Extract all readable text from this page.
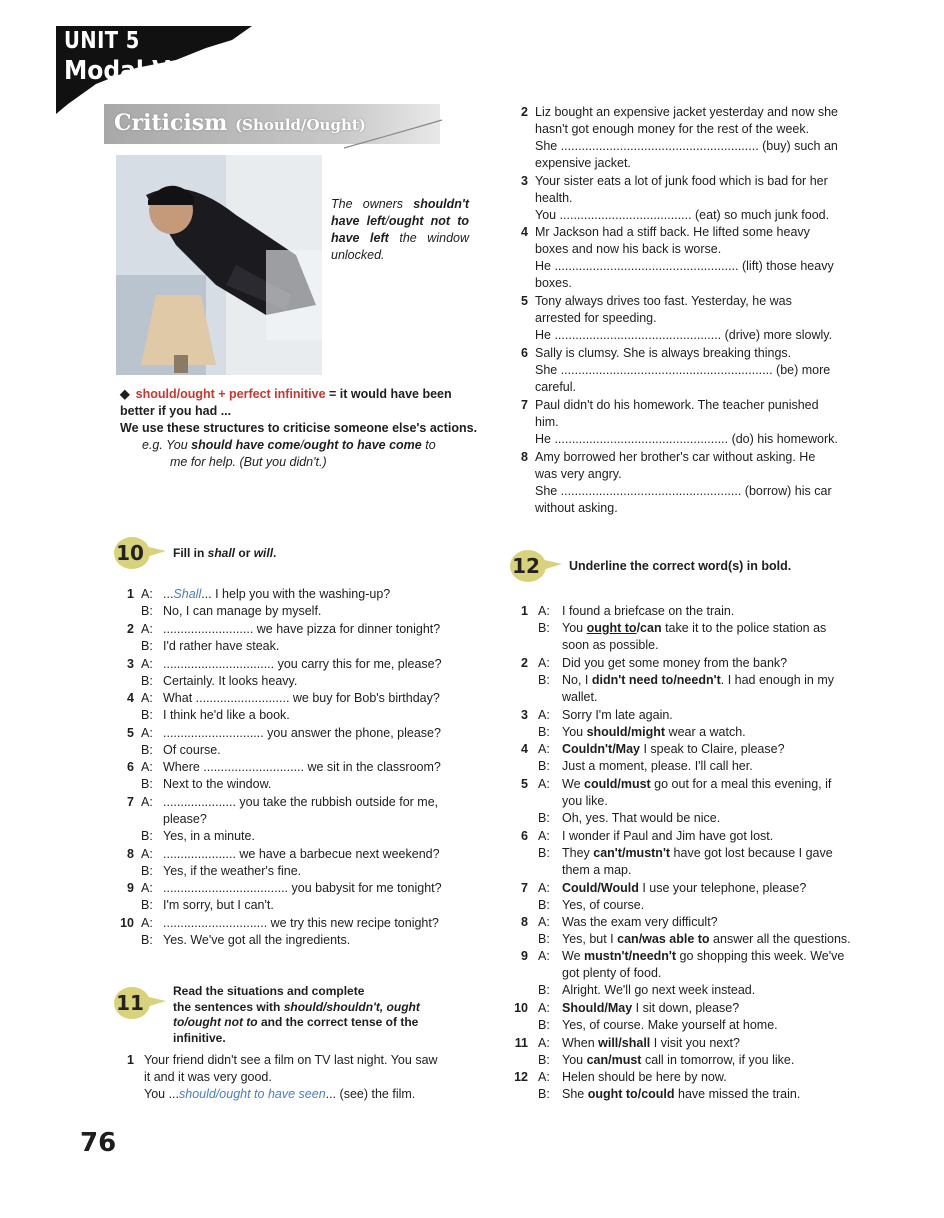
UNIT 5
Modal Verbs
Criticism (Should/Ought)
The owners shouldn't have left/ought not to have left the window unlocked.
◆ should/ought + perfect infinitive = it would have been better if you had ...
We use these structures to criticise someone else's actions.
e.g. You should have come/ought to have come to
me for help. (But you didn't.)
10 Fill in shall or will.
1 A: ...Shall... I help you with the washing-up?
B: No, I can manage by myself.
2 A: .......................... we have pizza for dinner tonight?
B: I'd rather have steak.
3 A: ................................ you carry this for me, please?
B: Certainly. It looks heavy.
4 A: What ........................... we buy for Bob's birthday?
B: I think he'd like a book.
5 A: ............................. you answer the phone, please?
B: Of course.
6 A: Where ............................. we sit in the classroom?
B: Next to the window.
7 A: ..................... you take the rubbish outside for me,
please?
B: Yes, in a minute.
8 A: ..................... we have a barbecue next weekend?
B: Yes, if the weather's fine.
9 A: .................................... you babysit for me tonight?
B: I'm sorry, but I can't.
10 A: .............................. we try this new recipe tonight?
B: Yes. We've got all the ingredients.
11 Read the situations and complete
the sentences with should/shouldn't, ought
to/ought not to and the correct tense of the
infinitive.
1 Your friend didn't see a film on TV last night. You saw
it and it was very good.
You ...should/ought to have seen... (see) the film.
2 Liz bought an expensive jacket yesterday and now she
hasn't got enough money for the rest of the week.
She ......................................................... (buy) such an
expensive jacket.
3 Your sister eats a lot of junk food which is bad for her
health.
You ...................................... (eat) so much junk food.
4 Mr Jackson had a stiff back. He lifted some heavy
boxes and now his back is worse.
He ..................................................... (lift) those heavy
boxes.
5 Tony always drives too fast. Yesterday, he was
arrested for speeding.
He ................................................ (drive) more slowly.
6 Sally is clumsy. She is always breaking things.
She ............................................................. (be) more
careful.
7 Paul didn't do his homework. The teacher punished
him.
He .................................................. (do) his homework.
8 Amy borrowed her brother's car without asking. He
was very angry.
She .................................................... (borrow) his car
without asking.
12 Underline the correct word(s) in bold.
1 A: I found a briefcase on the train.
B: You ought to/can take it to the police station as
soon as possible.
2 A: Did you get some money from the bank?
B: No, I didn't need to/needn't. I had enough in my
wallet.
3 A: Sorry I'm late again.
B: You should/might wear a watch.
4 A: Couldn't/May I speak to Claire, please?
B: Just a moment, please. I'll call her.
5 A: We could/must go out for a meal this evening, if
you like.
B: Oh, yes. That would be nice.
6 A: I wonder if Paul and Jim have got lost.
B: They can't/mustn't have got lost because I gave
them a map.
7 A: Could/Would I use your telephone, please?
B: Yes, of course.
8 A: Was the exam very difficult?
B: Yes, but I can/was able to answer all the questions.
9 A: We mustn't/needn't go shopping this week. We've
got plenty of food.
B: Alright. We'll go next week instead.
10 A: Should/May I sit down, please?
B: Yes, of course. Make yourself at home.
11 A: When will/shall I visit you next?
B: You can/must call in tomorrow, if you like.
12 A: Helen should be here by now.
B: She ought to/could have missed the train.
76
